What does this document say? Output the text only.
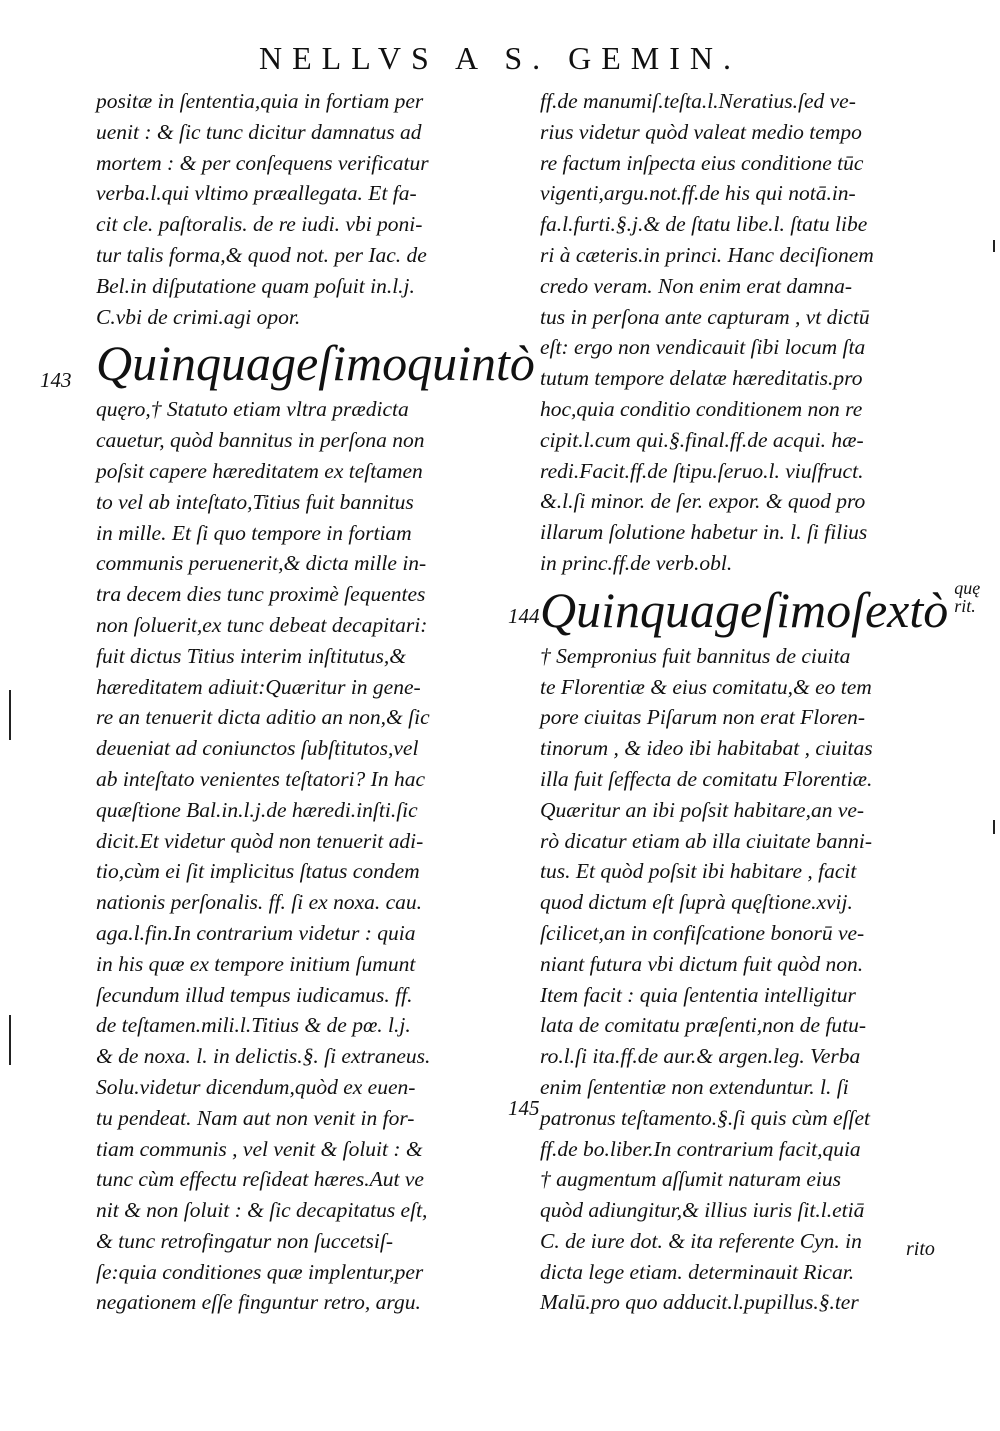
NELLVS A S. GEMIN.
positæ in ſententia,quia in fortiam per
uenit : & ſic tunc dicitur damnatus ad
mortem : & per conſequens verificatur
verba.l.qui vltimo præallegata. Et fa-
cit cle. paſtoralis. de re iudi. vbi poni-
tur talis forma,& quod not. per Iac. de
Bel.in diſputatione quam poſuit in.l.j.
C.vbi de crimi.agi opor.
Quinquageſimoquintò
quęro,† Statuto etiam vltra prædicta
cauetur, quòd bannitus in perſona non
poſsit capere hæreditatem ex teſtamen
to vel ab inteſtato,Titius fuit bannitus
in mille. Et ſi quo tempore in fortiam
communis peruenerit,& dicta mille in-
tra decem dies tunc proximè ſequentes
non ſoluerit,ex tunc debeat decapitari:
fuit dictus Titius interim inſtitutus,&
hæreditatem adiuit:Quæritur in gene-
re an tenuerit dicta aditio an non,& ſic
deueniat ad coniunctos ſubſtitutos,vel
ab inteſtato venientes teſtatori? In hac
quæſtione Bal.in.l.j.de hæredi.inſti.ſic
dicit.Et videtur quòd non tenuerit adi-
tio,cùm ei ſit implicitus ſtatus condem
nationis perſonalis. ff. ſi ex noxa. cau.
aga.l.fin.In contrarium videtur : quia
in his quæ ex tempore initium ſumunt
ſecundum illud tempus iudicamus. ff.
de teſtamen.mili.l.Titius & de pœ. l.j.
& de noxa. l. in delictis.§. ſi extraneus.
Solu.videtur dicendum,quòd ex euen-
tu pendeat. Nam aut non venit in for-
tiam communis , vel venit & ſoluit : &
tunc cùm effectu reſideat hæres.Aut ve
nit & non ſoluit : & ſic decapitatus eſt,
& tunc retrofingatur non ſuccetsiſ-
ſe:quia conditiones quæ implentur,per
negationem eſſe finguntur retro, argu.
143
ff.de manumiſ.teſta.l.Neratius.ſed ve-
rius videtur quòd valeat medio tempo
re factum inſpecta eius conditione tūc
vigenti,argu.not.ff.de his qui notā.in-
fa.l.furti.§.j.& de ſtatu libe.l. ſtatu libe
ri à cæteris.in princi. Hanc deciſionem
credo veram. Non enim erat damna-
tus in perſona ante capturam , vt dictū
eſt: ergo non vendicauit ſibi locum ſta
tutum tempore delatæ hæreditatis.pro
hoc,quia conditio conditionem non re
cipit.l.cum qui.§.final.ff.de acqui. hæ-
redi.Facit.ff.de ſtipu.ſeruo.l. viuſfruct.
&.l.ſi minor. de ſer. expor. & quod pro
illarum ſolutione habetur in. l. ſi filius
in princ.ff.de verb.obl.
Quinquageſimoſextò quę
rit.
† Sempronius fuit bannitus de ciuita
te Florentiæ & eius comitatu,& eo tem
pore ciuitas Piſarum non erat Floren-
tinorum , & ideo ibi habitabat , ciuitas
illa fuit ſeffecta de comitatu Florentiæ.
Quæritur an ibi poſsit habitare,an ve-
rò dicatur etiam ab illa ciuitate banni-
tus. Et quòd poſsit ibi habitare , facit
quod dictum eſt ſuprà quęſtione.xvij.
ſcilicet,an in confiſcatione bonorū ve-
niant futura vbi dictum fuit quòd non.
Item facit : quia ſententia intelligitur
lata de comitatu præſenti,non de futu-
ro.l.ſi ita.ff.de aur.& argen.leg. Verba
enim ſententiæ non extenduntur. l. ſi
patronus teſtamento.§.ſi quis cùm eſſet
ff.de bo.liber.In contrarium facit,quia
† augmentum aſſumit naturam eius
quòd adiungitur,& illius iuris ſit.l.etiā
C. de iure dot. & ita referente Cyn. in
dicta lege etiam. determinauit Ricar.
Malū.pro quo adducit.l.pupillus.§.ter
144
145
rito
